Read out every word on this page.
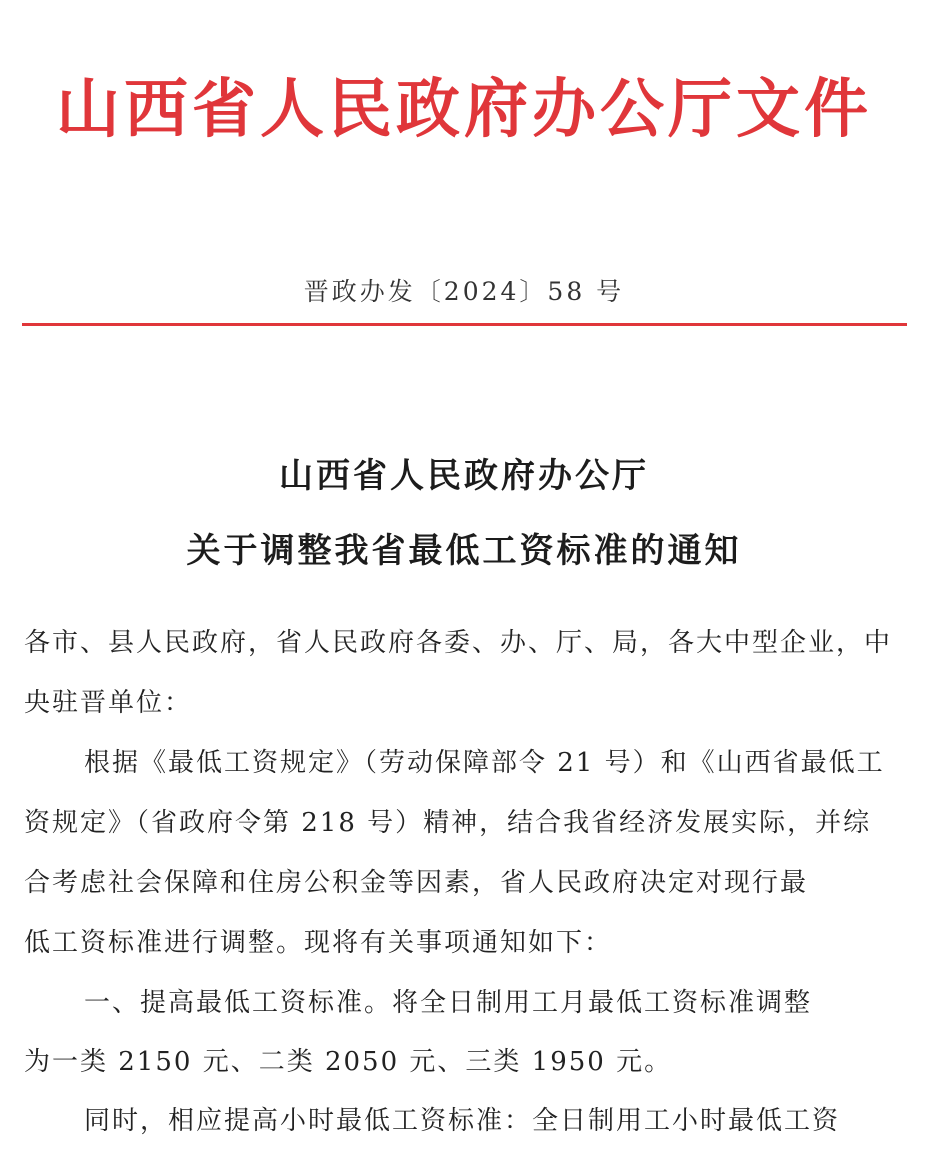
山西省人民政府办公厅文件
晋政办发〔2024〕58 号
山西省人民政府办公厅
关于调整我省最低工资标准的通知
各市、县人民政府，省人民政府各委、办、厅、局，各大中型企业，中
央驻晋单位：
根据《最低工资规定》（劳动保障部令 21 号）和《山西省最低工
资规定》（省政府令第 218 号）精神，结合我省经济发展实际，并综
合考虑社会保障和住房公积金等因素，省人民政府决定对现行最
低工资标准进行调整。现将有关事项通知如下：
一、提高最低工资标准。将全日制用工月最低工资标准调整
为一类 2150 元、二类 2050 元、三类 1950 元。
同时，相应提高小时最低工资标准：全日制用工小时最低工资
